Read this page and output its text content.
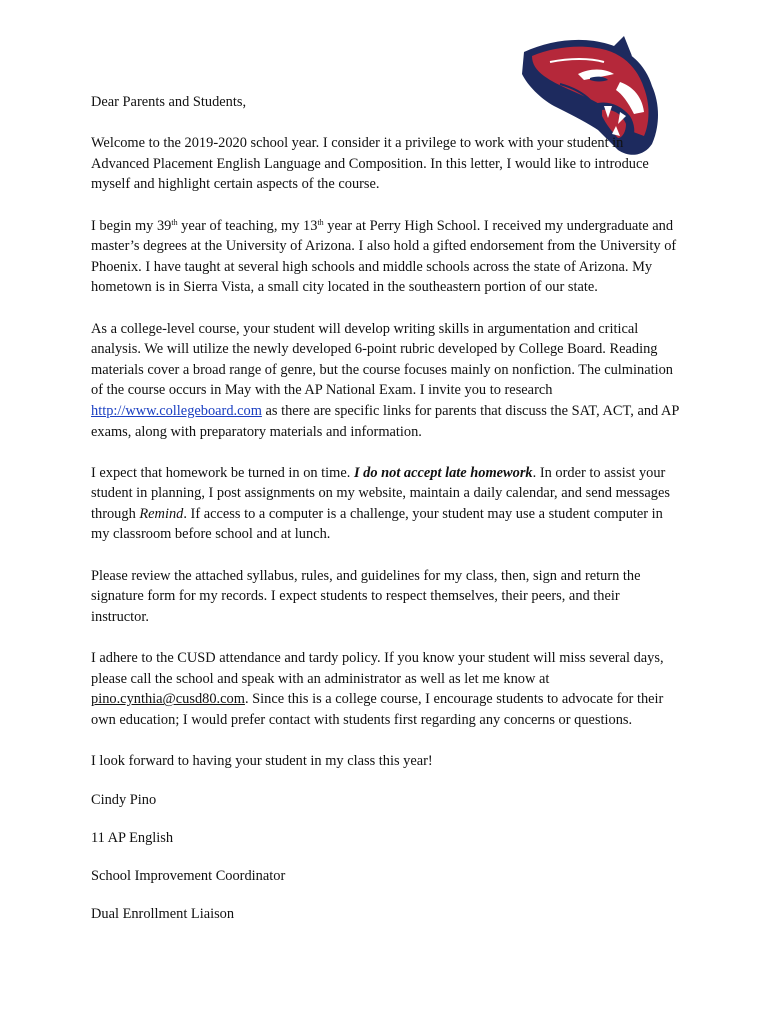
Dear Parents and Students,

Welcome to the 2019-2020 school year. I consider it a privilege to work with your student in Advanced Placement English Language and Composition. In this letter, I would like to introduce myself and highlight certain aspects of the course.

I begin my 39th year of teaching, my 13th year at Perry High School. I received my undergraduate and master’s degrees at the University of Arizona. I also hold a gifted endorsement from the University of Phoenix. I have taught at several high schools and middle schools across the state of Arizona. My hometown is in Sierra Vista, a small city located in the southeastern portion of our state.

As a college-level course, your student will develop writing skills in argumentation and critical analysis. We will utilize the newly developed 6-point rubric developed by College Board. Reading materials cover a broad range of genre, but the course focuses mainly on nonfiction. The culmination of the course occurs in May with the AP National Exam. I invite you to research http://www.collegeboard.com as there are specific links for parents that discuss the SAT, ACT, and AP exams, along with preparatory materials and information.

I expect that homework be turned in on time. I do not accept late homework. In order to assist your student in planning, I post assignments on my website, maintain a daily calendar, and send messages through Remind. If access to a computer is a challenge, your student may use a student computer in my classroom before school and at lunch.

Please review the attached syllabus, rules, and guidelines for my class, then, sign and return the signature form for my records. I expect students to respect themselves, their peers, and their instructor.

I adhere to the CUSD attendance and tardy policy. If you know your student will miss several days, please call the school and speak with an administrator as well as let me know at pino.cynthia@cusd80.com. Since this is a college course, I encourage students to advocate for their own education; I would prefer contact with students first regarding any concerns or questions.

I look forward to having your student in my class this year!

Cindy Pino

11 AP English

School Improvement Coordinator

Dual Enrollment Liaison
